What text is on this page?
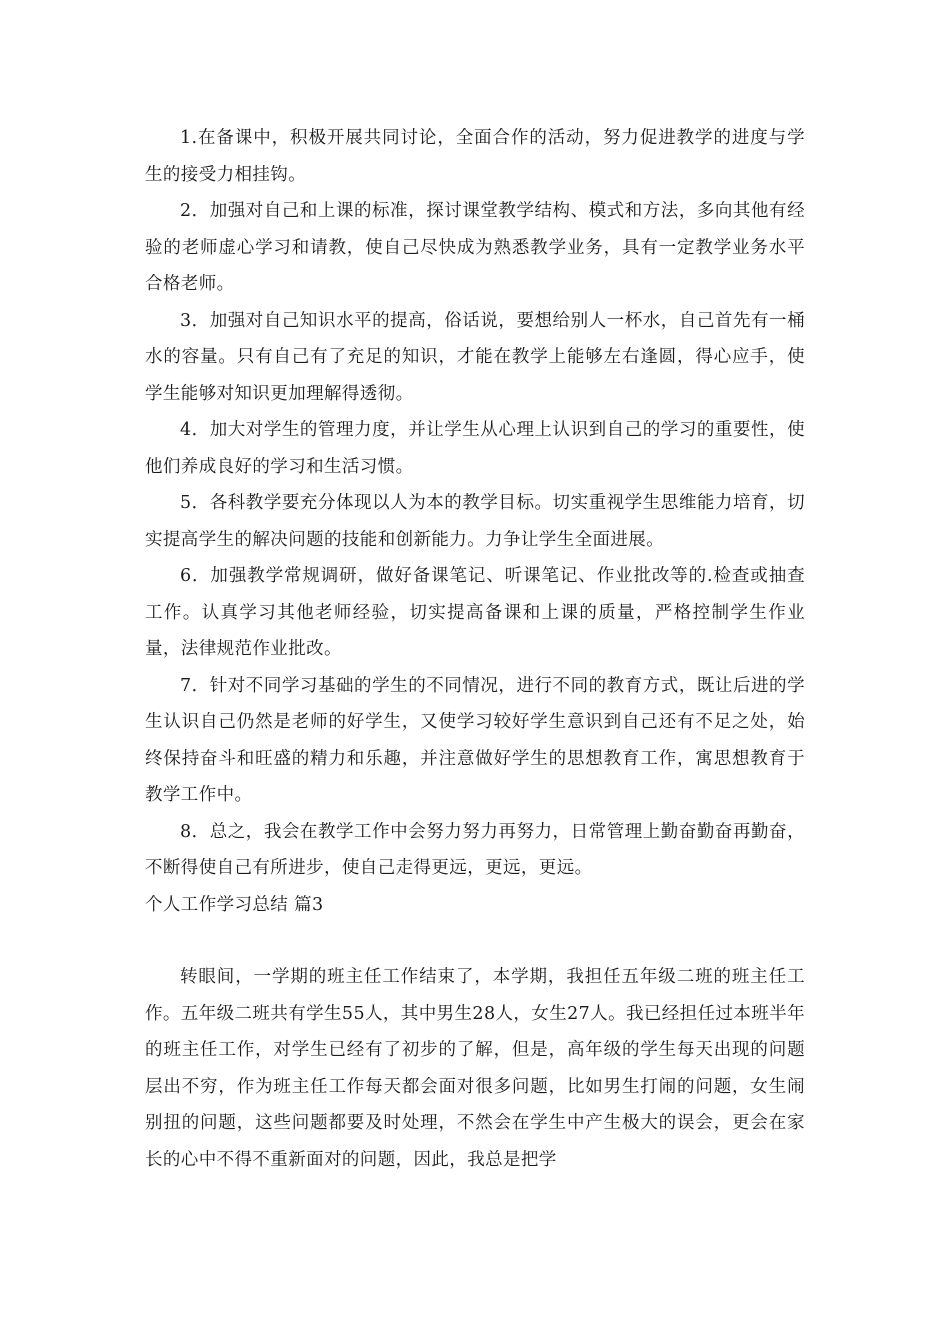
1.在备课中，积极开展共同讨论，全面合作的活动，努力促进教学的进度与学生的接受力相挂钩。

2．加强对自己和上课的标准，探讨课堂教学结构、模式和方法，多向其他有经验的老师虚心学习和请教，使自己尽快成为熟悉教学业务，具有一定教学业务水平合格老师。

3．加强对自己知识水平的提高，俗话说，要想给别人一杯水，自己首先有一桶水的容量。只有自己有了充足的知识，才能在教学上能够左右逢圆，得心应手，使学生能够对知识更加理解得透彻。

4．加大对学生的管理力度，并让学生从心理上认识到自己的学习的重要性，使他们养成良好的学习和生活习惯。

5．各科教学要充分体现以人为本的教学目标。切实重视学生思维能力培育，切实提高学生的解决问题的技能和创新能力。力争让学生全面进展。

6．加强教学常规调研，做好备课笔记、听课笔记、作业批改等的.检查或抽查工作。认真学习其他老师经验，切实提高备课和上课的质量，严格控制学生作业量，法律规范作业批改。

7．针对不同学习基础的学生的不同情况，进行不同的教育方式，既让后进的学生认识自己仍然是老师的好学生，又使学习较好学生意识到自己还有不足之处，始终保持奋斗和旺盛的精力和乐趣，并注意做好学生的思想教育工作，寓思想教育于教学工作中。

8．总之，我会在教学工作中会努力努力再努力，日常管理上勤奋勤奋再勤奋，不断得使自己有所进步，使自己走得更远，更远，更远。

个人工作学习总结 篇3

转眼间，一学期的班主任工作结束了，本学期，我担任五年级二班的班主任工作。五年级二班共有学生55人，其中男生28人，女生27人。我已经担任过本班半年的班主任工作，对学生已经有了初步的了解，但是，高年级的学生每天出现的问题层出不穷，作为班主任工作每天都会面对很多问题，比如男生打闹的问题，女生闹别扭的问题，这些问题都要及时处理，不然会在学生中产生极大的误会，更会在家长的心中不得不重新面对的问题，因此，我总是把学
